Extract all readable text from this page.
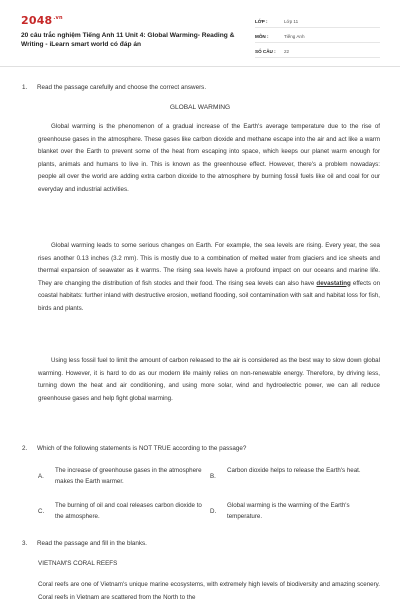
$2048^{.vn}$
20 câu trắc nghiệm Tiếng Anh 11 Unit 4: Global Warming- Reading & Writing - iLearn smart world có đáp án
LỚP :	Lớp 11
MÔN :	Tiếng Anh
SỐ CÂU :	22
1. Read the passage carefully and choose the correct answers.
GLOBAL WARMING

Global warming is the phenomenon of a gradual increase of the Earth's average temperature due to the rise of greenhouse gases in the atmosphere. These gases like carbon dioxide and methane escape into the air and act like a warm blanket over the Earth to prevent some of the heat from escaping into space, which keeps our planet warm enough for plants, animals and humans to live in. This is known as the greenhouse effect. However, there's a problem nowadays: people all over the world are adding extra carbon dioxide to the atmosphere by burning fossil fuels like oil and coal for our everyday and industrial activities.

Global warming leads to some serious changes on Earth. For example, the sea levels are rising. Every year, the sea rises another 0.13 inches (3.2 mm). This is mostly due to a combination of melted water from glaciers and ice sheets and thermal expansion of seawater as it warms. The rising sea levels have a profound impact on our oceans and marine life. They are changing the distribution of fish stocks and their food. The rising sea levels can also have devastating effects on coastal habitats: further inland with destructive erosion, wetland flooding, soil contamination with salt and habitat loss for fish, birds and plants.

Using less fossil fuel to limit the amount of carbon released to the air is considered as the best way to slow down global warming. However, it is hard to do as our modern life mainly relies on non-renewable energy. Therefore, by driving less, turning down the heat and air conditioning, and using more solar, wind and hydroelectric power, we can all reduce greenhouse gases and help fight global warming.

2. Which of the following statements is NOT TRUE according to the passage?
A.
The increase of greenhouse gases in the atmosphere makes the Earth warmer.
B.
Carbon dioxide helps to release the Earth's heat.
C.
The burning of oil and coal releases carbon dioxide to the atmosphere.
D.
Global warming is the warming of the Earth's temperature.
3. Read the passage and fill in the blanks.
VIETNAM'S CORAL REEFS

Coral reefs are one of Vietnam's unique marine ecosystems, with extremely high levels of biodiversity and amazing scenery. Coral reefs in Vietnam are scattered from the North to the
